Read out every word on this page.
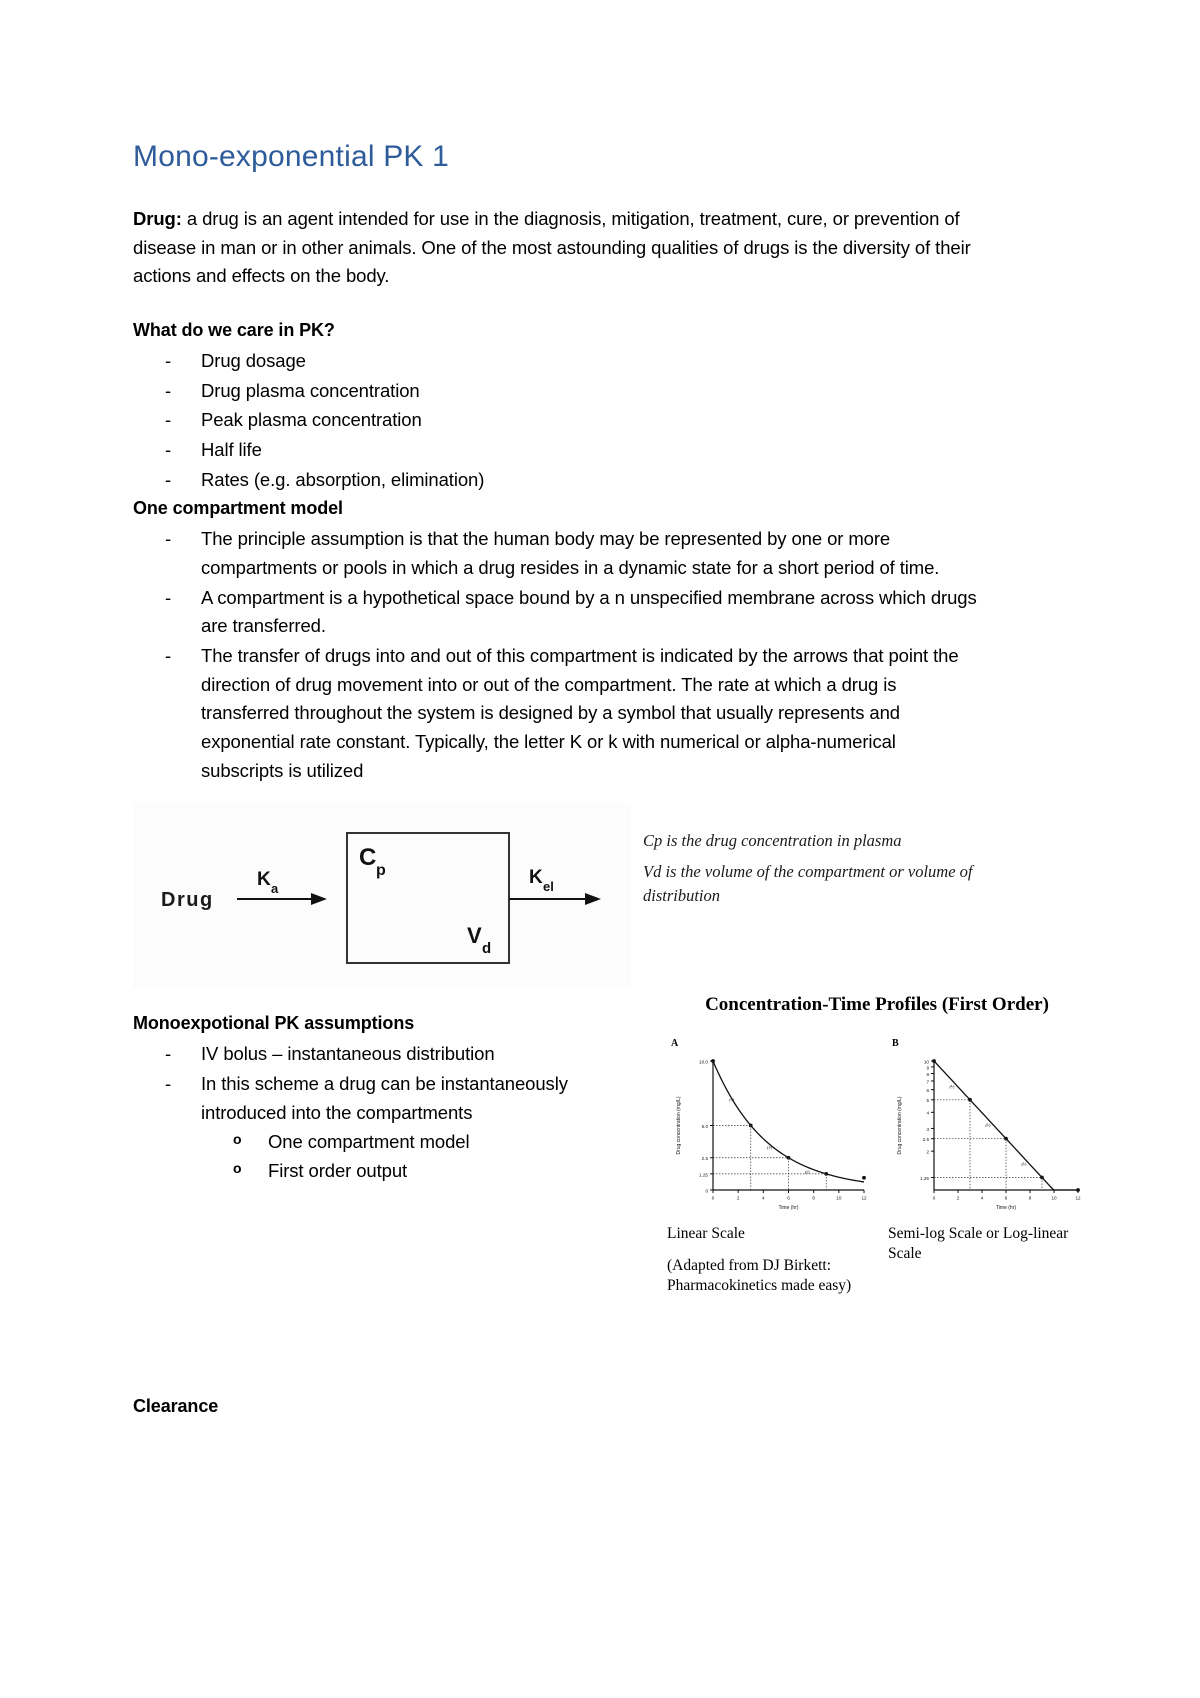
Mono-exponential PK 1

Drug: a drug is an agent intended for use in the diagnosis, mitigation, treatment, cure, or prevention of disease in man or in other animals. One of the most astounding qualities of drugs is the diversity of their actions and effects on the body.

What do we care in PK?
- Drug dosage
- Drug plasma concentration
- Peak plasma concentration
- Half life
- Rates (e.g. absorption, elimination)
One compartment model
- The principle assumption is that the human body may be represented by one or more compartments or pools in which a drug resides in a dynamic state for a short period of time.
- A compartment is a hypothetical space bound by a n unspecified membrane across which drugs are transferred.
- The transfer of drugs into and out of this compartment is indicated by the arrows that point the direction of drug movement into or out of the compartment. The rate at which a drug is transferred throughout the system is designed by a symbol that usually represents and exponential rate constant. Typically, the letter K or k with numerical or alpha-numerical subscripts is utilized
Drug
K a
C p
V
d
K el

Cp is the drug concentration in plasma

Vd is the volume of the compartment or volume of distribution

Monoexpotional PK assumptions
- IV bolus – instantaneous distribution
- In this scheme a drug can be instantaneously introduced into the compartments
o One compartment model
o First order output
Concentration-Time Profiles (First Order)
A
0
1.25
2.5
5.0
10.0
0	2	4	6	8	10	12
Time (hr)
Drug concentration (mg/L)	t½
t½
t½
Linear Scale
(Adapted from DJ Birkett:
Pharmacokinetics made easy)
B
1.25
2
2.5
3
4
5
6
7
8
9
10
0	2	4	6	8	10	12
Time (hr)
Drug concentration (mg/L)
t½
t½
t½
Semi-log Scale or Log-linear Scale
Clearance
